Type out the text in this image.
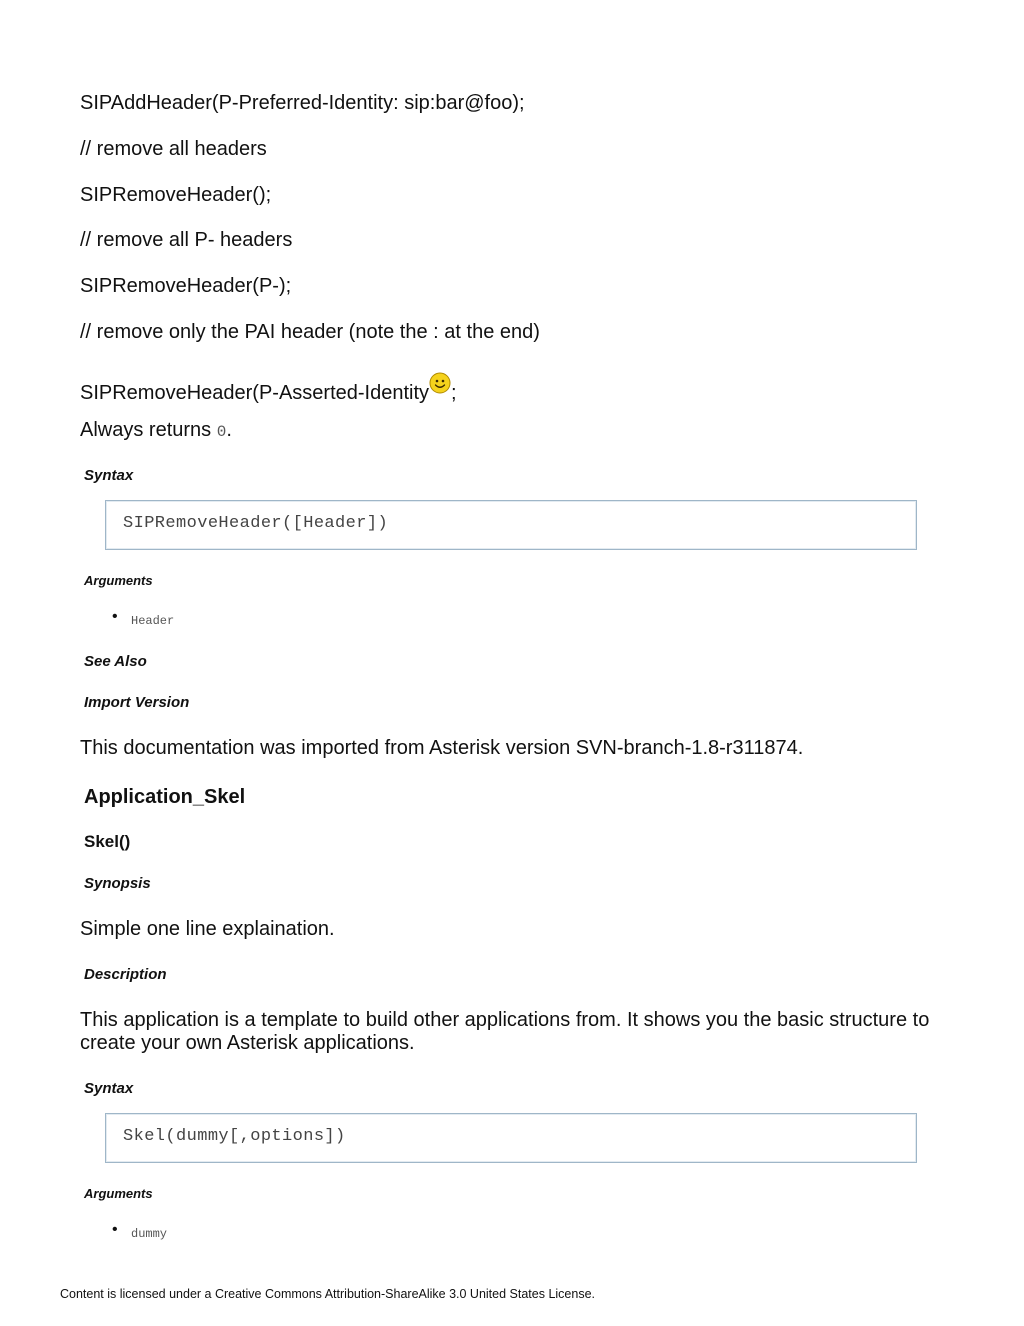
SIPAddHeader(P-Preferred-Identity: sip:bar@foo);
// remove all headers
SIPRemoveHeader();
// remove all P- headers
SIPRemoveHeader(P-);
// remove only the PAI header (note the : at the end)
SIPRemoveHeader(P-Asserted-Identity ;
Always returns 0.
Syntax
SIPRemoveHeader([Header])
Arguments
• Header
See Also
Import Version
This documentation was imported from Asterisk version SVN-branch-1.8-r311874.
Application_Skel
Skel()
Synopsis
Simple one line explaination.
Description
This application is a template to build other applications from. It shows you the basic structure to create your own Asterisk applications.
Syntax
Skel(dummy[,options])
Arguments
• dummy
Content is licensed under a Creative Commons Attribution-ShareAlike 3.0 United States License.
